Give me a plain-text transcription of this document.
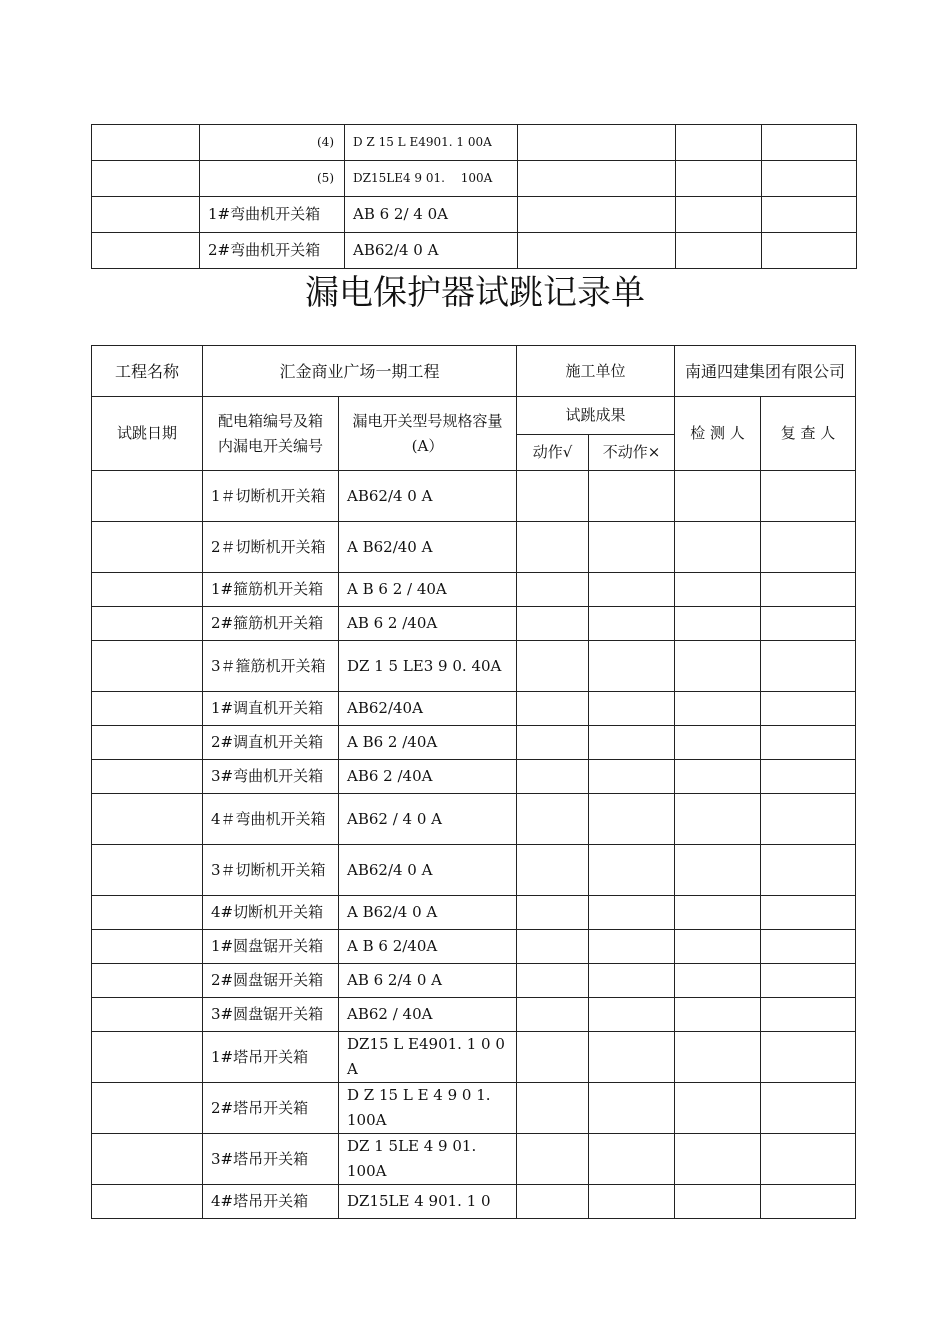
	(4)	D Z 15 L E4901. 1 00A			
	(5)	DZ15LE4 9 01.　 100A			
	1#弯曲机开关箱	AB 6 2/ 4 0A			
	2#弯曲机开关箱	AB62/4 0 A			
漏电保护器试跳记录单
工程名称	汇金商业广场一期工程		施工单位		南通四建集团有限公司	
试跳日期	配电箱编号及箱内漏电开关编号	漏电开关型号规格容量(A）	试跳成果		检 测 人	复 查 人
			动作√	不动作×		
	1＃切断机开关箱	AB62/4 0 A				
	2＃切断机开关箱	A B62/40 A				
	1#箍筋机开关箱	A B 6 2 / 40A				
	2#箍筋机开关箱	AB 6 2 /40A				
	3＃箍筋机开关箱	DZ 1 5 LE3 9 0. 40A				
	1#调直机开关箱	AB62/40A				
	2#调直机开关箱	A B6 2 /40A				
	3#弯曲机开关箱	AB6 2 /40A				
	4＃弯曲机开关箱	AB62 / 4 0 A				
	3＃切断机开关箱	AB62/4 0 A				
	4#切断机开关箱	A B62/4 0 A				
	1#圆盘锯开关箱	A B 6 2/40A				
	2#圆盘锯开关箱	AB 6 2/4 0 A				
	3#圆盘锯开关箱	AB62 / 40A				
	1#塔吊开关箱	DZ15 L E4901. 1 0 0 A				
	2#塔吊开关箱	D Z 15 L E 4 9 0 1.　100A				
	3#塔吊开关箱	DZ 1 5LE 4 9 01. 100A				
	4#塔吊开关箱	DZ15LE 4 901. 1 0				
